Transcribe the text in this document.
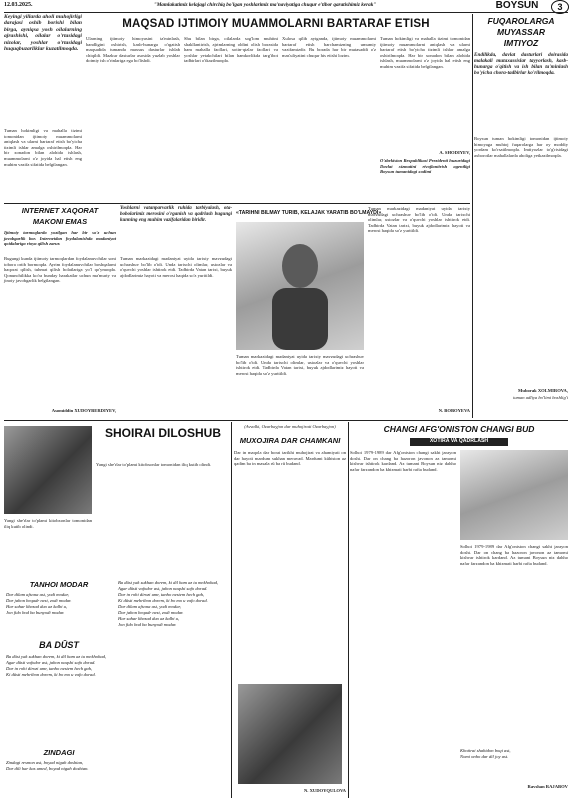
12.03.2025.	"Mamlakatimiz kelajagi chirchiq bo'lgan yoshlarimiz ma'naviyatiga chuqur e'tibor qaratishimiz kerak"	BOYSUN	3
Keyingi yillarda aholi muhojirligi darajasi oshib borishi bilan birga, ayniqsa yosh oilalarning ajrashishi, oilalar o'rtasidagi nizolar, yoshlar o'rtasidagi huquqbuzarliklar kuzatilmoqda.
MAQSAD IJTIMOIY MUAMMOLARNI BARTARAF ETISH
Tuman hokimligi va mahalla tizimi tomonidan ijtimoiy muammolarni aniqlash va ularni bartaraf etish bo'yicha tizimli ishlar amalga oshirilmoqda. Har bir xonadon bilan alohida ishlash, muammolarni o'z joyida hal etish eng muhim vazifa sifatida belgilangan.
Ularning ijtimoiy himoyasini ta'minlash, bandligini oshirish, kasb-hunarga o'rgatish maqsadida tumanda maxsus dasturlar ishlab chiqildi. Mazkur dasturlar asosida yuzlab yoshlar doimiy ish o'rinlariga ega bo'lishdi.
Shu bilan birga, oilalarda sog'lom muhitni shakllantirish, ajrimlarning oldini olish borasida ham mahalla faollari, xotin-qizlar faollari va yoshlar yetakchilari bilan hamkorlikda targ'ibot tadbirlari o'tkazilmoqda.
Xulosa qilib aytganda, ijtimoiy muammolarni bartaraf etish barchamizning umumiy vazifamizdir. Bu borada har bir mutasaddi o'z mas'uliyatini chuqur his etishi lozim.
Tuman hokimligi va mahalla tizimi tomonidan ijtimoiy muammolarni aniqlash va ularni bartaraf etish bo'yicha tizimli ishlar amalga oshirilmoqda. Har bir xonadon bilan alohida ishlash, muammolarni o'z joyida hal etish eng muhim vazifa sifatida belgilangan.
A. SHODIYEV,
O'zbekiston Respublikasi Prezidenti huzuridagi Davlat xizmatini rivojlantirish agentligi Boysun tumanidagi xodimi
FUQAROLARGA
MUYASSAR
IMTIYOZ
Endilikda, davlat dasturlari doirasida malakali mutaxassislar tayyorlash, kasb-hunarga o'qitish va ish bilan ta'minlash bo'yicha chora-tadbirlar ko'rilmoqda.
Boysun tuman hokimligi tomonidan ijtimoiy himoyaga muhtoj fuqarolarga har oy moddiy yordam ko'rsatilmoqda. Imtiyozlar to'g'risidagi axborotlar mahallalarda aholiga yetkazilmoqda.
Muborak XOLMIROVA,
tuman adliya bo'limi boshlig'i
INTERNET XAQORAT
MAKONI EMAS
Ijtimoiy tarmoqlarda yozilgan har bir so'z uchun javobgarlik bor. Internetdan foydalanishda madaniyat qoidalariga rioya qilish zarur.
Bugungi kunda ijtimoiy tarmoqlardan foydalanuvchilar soni tobora ortib bormoqda. Ayrim foydalanuvchilar boshqalarni haqorat qilish, tuhmat qilish holatlariga yo'l qo'ymoqda. Qonunchilikka ko'ra bunday harakatlar uchun ma'muriy va jinoiy javobgarlik belgilangan.
Asomiddin XUDOYBERDIYEV,
Yoshlarni vatanparvarlik ruhida tarbiyalash, ota-bobolarimiz merosini o'rganish va qadrlash bugungi kunning eng muhim vazifalaridan biridir.
Tuman markazidagi madaniyat uyida tarixiy mavzudagi uchrashuv bo'lib o'tdi. Unda tarixchi olimlar, ustozlar va o'quvchi yoshlar ishtirok etdi. Tadbirda Vatan tarixi, buyuk ajdodlarimiz hayoti va merosi haqida so'z yuritildi.
«TARIHNI BILMAY TURIB, KELAJAK YARATIB BO'LMAYDI»
Tuman markazidagi madaniyat uyida tarixiy mavzudagi uchrashuv bo'lib o'tdi. Unda tarixchi olimlar, ustozlar va o'quvchi yoshlar ishtirok etdi. Tadbirda Vatan tarixi, buyuk ajdodlarimiz hayoti va merosi haqida so'z yuritildi.
Tuman markazidagi madaniyat uyida tarixiy mavzudagi uchrashuv bo'lib o'tdi. Unda tarixchi olimlar, ustozlar va o'quvchi yoshlar ishtirok etdi. Tadbirda Vatan tarixi, buyuk ajdodlarimiz hayoti va merosi haqida so'z yuritildi.
N. BOBOYEVA
Yangi she'rlar to'plami kitobxonlar tomonidan iliq kutib olindi.
SHOIRAI DILOSHUB
Yangi she'rlar to'plami kitobxonlar tomonidan iliq kutib olindi.
TANHOI MODAR
Dar dilam afsona ast, yodi modar,
Dar jahon beqadr nest, zodi modar.
Har sahar khezad duo az kalbi u,
Jon fido bod ba bunyodi modar.
BA DŪST
Ba dūst yak sukhan dorem, ki dil ham az tu mekhohad,
Agar dūsti vafodor ast, jahon naqshi safo dorad.
Dar in rohi dirozi umr, tanho nestem hech gah,
Ki dūsti mehribon dorem, ki bo mo u vafo dorad.
ZINDAGI
Zindagi resmon ast, boyad nigah doshtan,
Dar dili har kas umed, boyad nigah doshtan.
Ba dūst yak sukhan dorem, ki dil ham az tu mekhohad,
Agar dūsti vafodor ast, jahon naqshi safo dorad.
Dar in rohi dirozi umr, tanho nestem hech gah,
Ki dūsti mehribon dorem, ki bo mo u vafo dorad.
Dar dilam afsona ast, yodi modar,
Dar jahon beqadr nest, zodi modar.
Har sahar khezad duo az kalbi u,
Jon fido bod ba bunyodi modar.
(Avvalki, Ozarbayjon dar muhojirati Ozarbayjon)
MUXOJIRA DAR CHAMKANI
Dar in maqola dar borai tarikhi muhojirat va ahamiyati on dar hayoti mardum sukhan meravad. Mardumi kūhiston az qadim ba in masala rū ba rū budand.
N. XUDOYQULOVA
CHANGI AFG'ONISTON CHANGI BUD
XOTIRA VA QADRLASH
Solhoi 1979-1989 dar Afg'oniston changi sakht jarayon dosht. Dar on chang ba hazoron javonon az tamomi kishvar ishtirok kardand. Az tumani Boysun niz dahho nafar farzandon ba khizmati harbi rafta budand.
Solhoi 1979-1989 dar Afg'oniston changi sakht jarayon dosht. Dar on chang ba hazoron javonon az tamomi kishvar ishtirok kardand. Az tumani Boysun niz dahho nafar farzandon ba khizmati harbi rafta budand.
Khotirai shahidon boqi ast,
Nomi onho dar dil joy ast.
Ravshan RAJABOV
